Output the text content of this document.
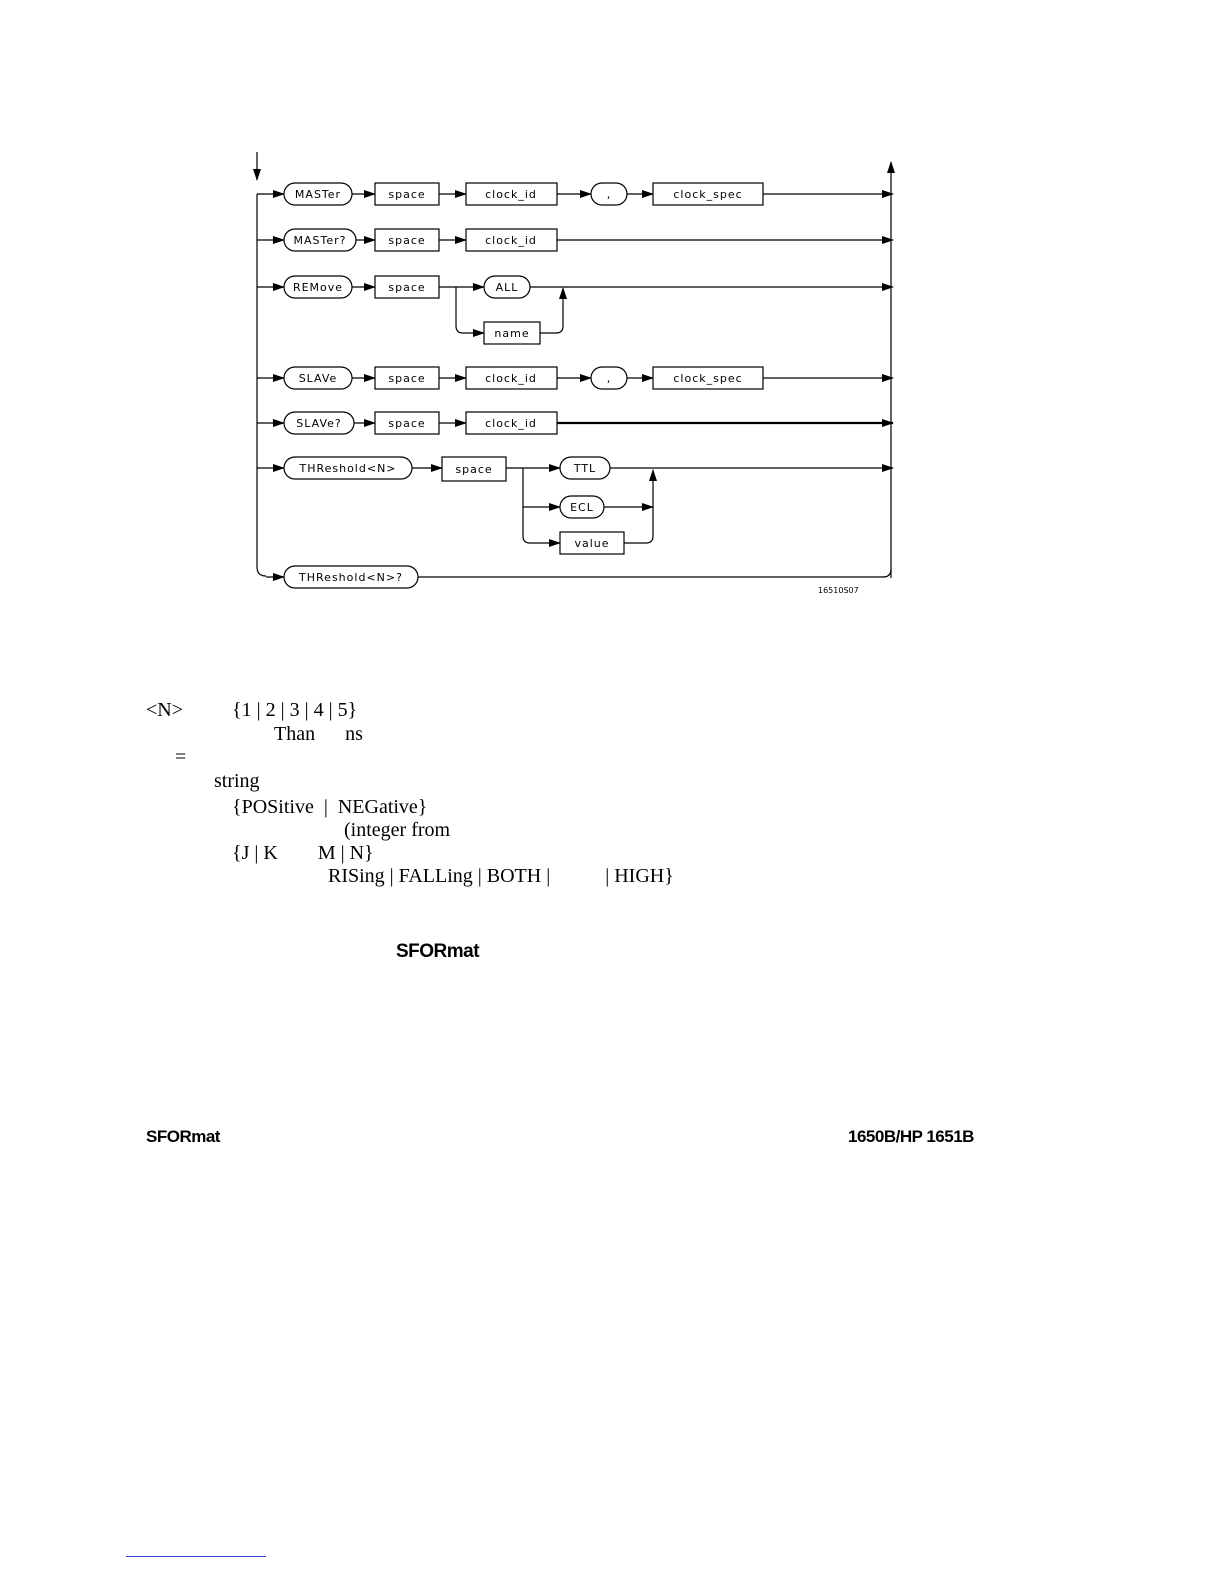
MASTer	space	clock_id	,	clock_spec
MASTer?	space	clock_id
REMove	space	ALL
name
SLAVe	space	clock_id	,	clock_spec
SLAVe?	space	clock_id
THReshold<N>	space	TTL
ECL
value
THReshold<N>?
16510S07
<N> {1 | 2 | 3 | 4 | 5}
Than      ns
=
string
{POSitive  |  NEGative}
(integer from
{J | K        M | N}
RISing | FALLing | BOTH |           | HIGH}
SFORmat
SFORmat	1650B/HP 1651B
